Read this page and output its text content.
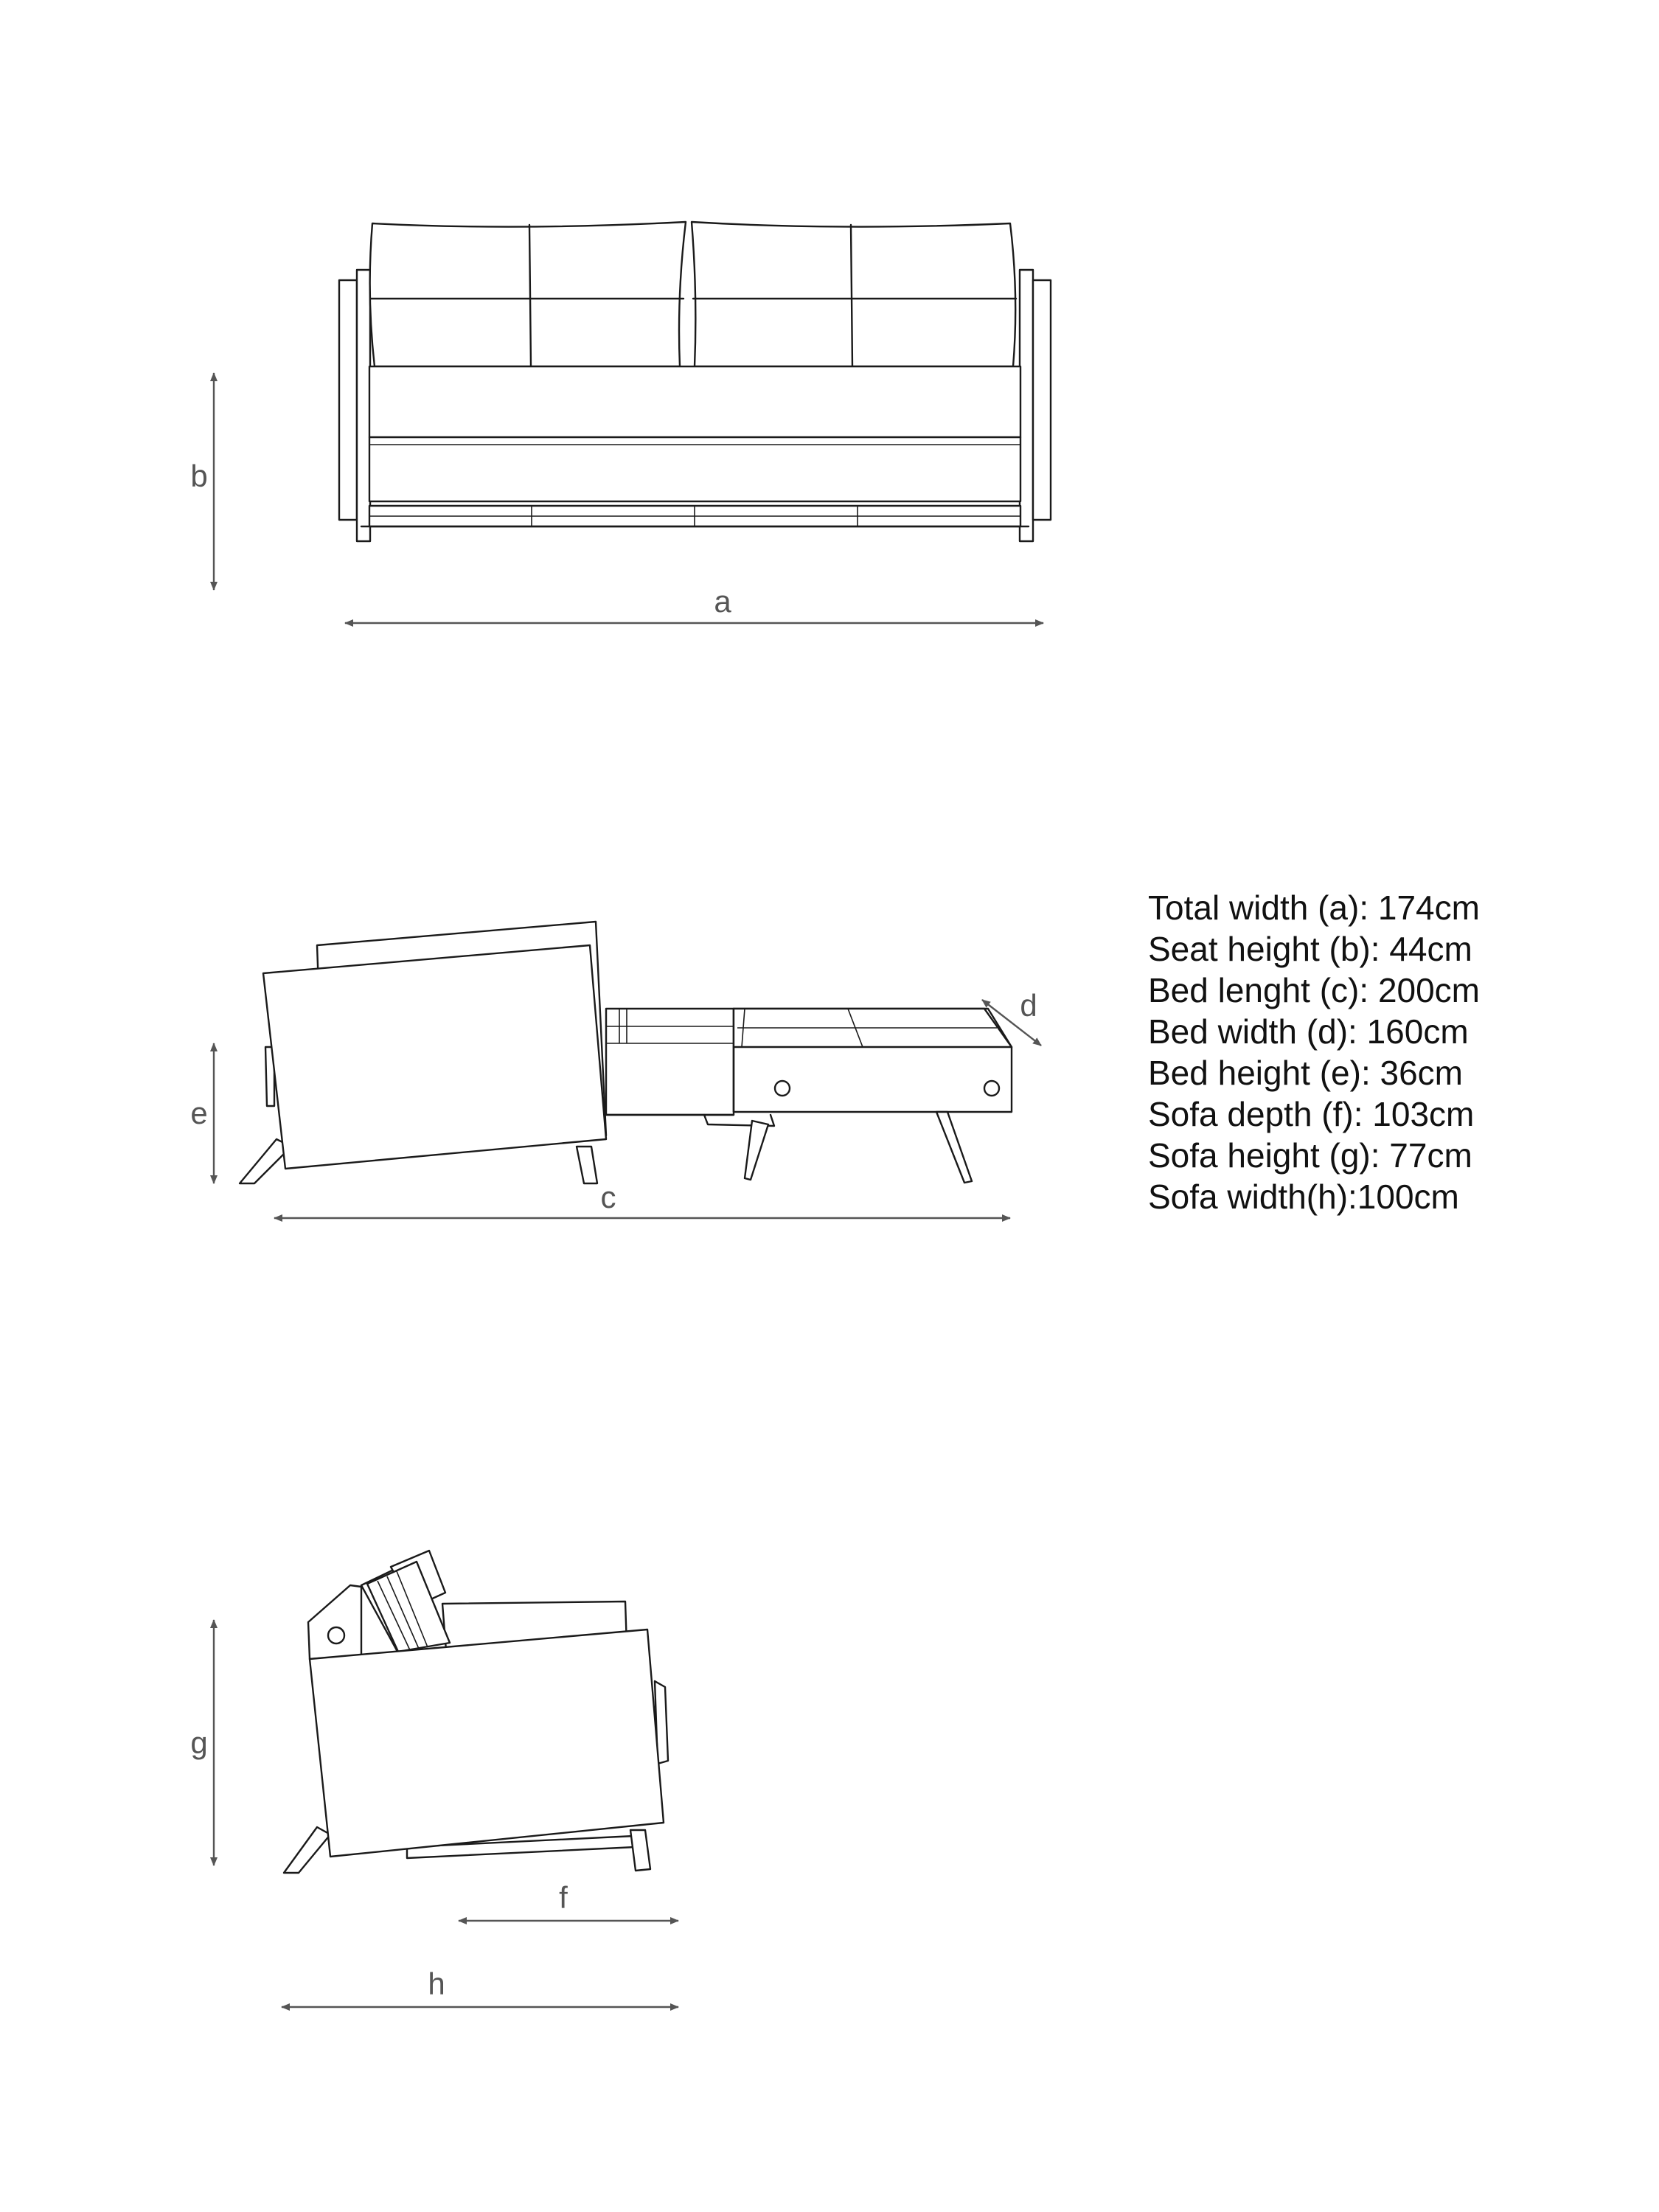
b
a
e
c
d
g
f
h
Total width (a): 174cm
Seat height (b): 44cm
Bed lenght (c): 200cm
Bed width (d): 160cm
Bed height (e): 36cm
Sofa depth (f): 103cm
Sofa height (g): 77cm
Sofa width(h):100cm
